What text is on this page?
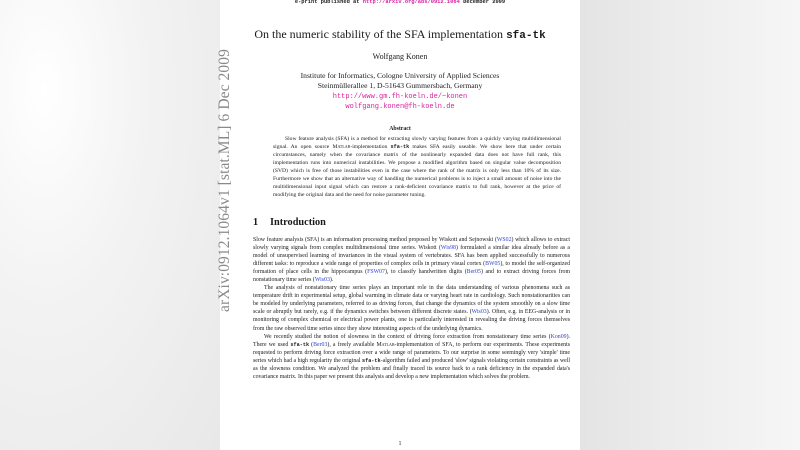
e-print published at http://arxiv.org/abs/0912.1064 December 2009
On the numeric stability of the SFA implementation sfa-tk
Wolfgang Konen
Institute for Informatics, Cologne University of Applied Sciences
Steinmüllerallee 1, D-51643 Gummersbach, Germany
http://www.gm.fh-koeln.de/~konen
wolfgang.konen@fh-koeln.de
Abstract

Slow feature analysis (SFA) is a method for extracting slowly varying features from a quickly varying multidimensional signal. An open source Matlab-implementation sfa-tk makes SFA easily useable. We show here that under certain circumstances, namely when the covariance matrix of the nonlinearly expanded data does not have full rank, this implementation runs into numerical instabilities. We propose a modified algorithm based on singular value decomposition (SVD) which is free of those instabilities even in the case where the rank of the matrix is only less than 10% of its size. Furthermore we show that an alternative way of handling the numerical problems is to inject a small amount of noise into the multidimensional input signal which can restore a rank-deficient covariance matrix to full rank, however at the price of modifying the original data and the need for noise parameter tuning.

1 Introduction

Slow feature analysis (SFA) is an information processing method proposed by Wiskott and Sejnowski (WS02) which allows to extract slowly varying signals from complex multidimensional time series. Wiskott (Wis98) formulated a similar idea already before as a model of unsupervised learning of invariances in the visual system of vertebrates. SFA has been applied successfully to numerous different tasks: to reproduce a wide range of properties of complex cells in primary visual cortex (BW05), to model the self-organized formation of place cells in the hippocampus (FSW07), to classify handwritten digits (Ber05) and to extract driving forces from nonstationary time series (Wis03).

The analysis of nonstationary time series plays an important role in the data understanding of various phenomena such as temperature drift in experimental setup, global warming in climate data or varying heart rate in cardiology. Such nonstationarities can be modeled by underlying parameters, referred to as driving forces, that change the dynamics of the system smoothly on a slow time scale or abruptly but rarely, e.g. if the dynamics switches between different discrete states. (Wis03). Often, e.g. in EEG-analysis or in monitoring of complex chemical or electrical power plants, one is particularly interested in revealing the driving forces themselves from the raw observed time series since they show interesting aspects of the underlying dynamics.

We recently studied the notion of slowness in the context of driving force extraction from nonstationary time series (Kon09). There we used sfa-tk (Ber03), a freely available Matlab-implementation of SFA, to perform our experiments. These experiments requested to perform driving force extraction over a wide range of parameters. To our surprise in some seemingly very 'simple' time series which had a high regularity the original sfa-tk-algorithm failed and produced 'slow' signals violating certain constraints as well as the slowness condition. We analyzed the problem and finally traced its source back to a rank deficiency in the expanded data's covariance matrix. In this paper we present this analysis and develop a new implementation which solves the problem.

1
arXiv:0912.1064v1 [stat.ML] 6 Dec 2009
